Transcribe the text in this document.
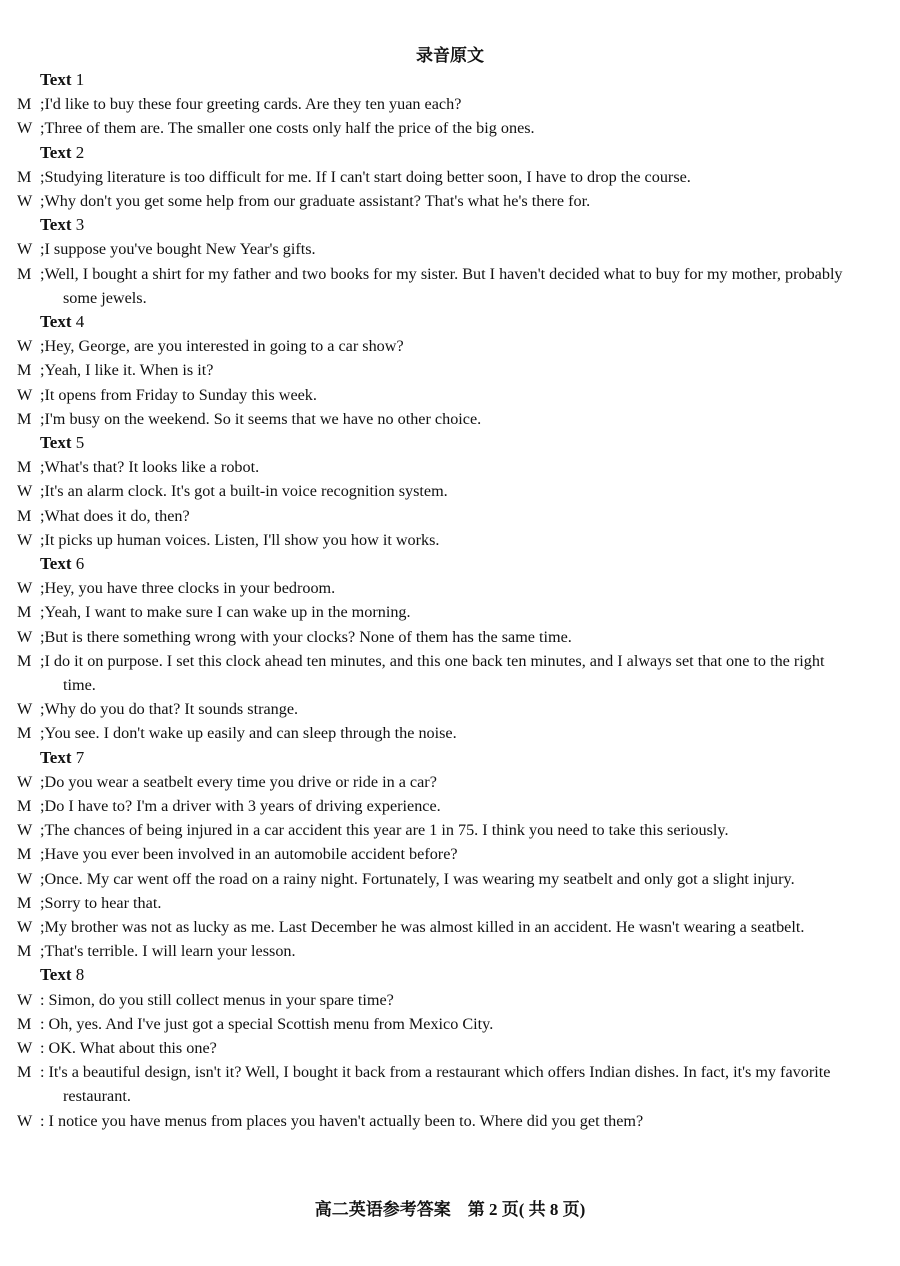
录音原文
Text 1
M ;I'd like to buy these four greeting cards. Are they ten yuan each?
W ;Three of them are. The smaller one costs only half the price of the big ones.
Text 2
M ;Studying literature is too difficult for me. If I can't start doing better soon, I have to drop the course.
W ;Why don't you get some help from our graduate assistant? That's what he's there for.
Text 3
W ;I suppose you've bought New Year's gifts.
M ;Well, I bought a shirt for my father and two books for my sister. But I haven't decided what to buy for my mother, probably some jewels.
Text 4
W ;Hey, George, are you interested in going to a car show?
M ;Yeah, I like it. When is it?
W ;It opens from Friday to Sunday this week.
M ;I'm busy on the weekend. So it seems that we have no other choice.
Text 5
M ;What's that? It looks like a robot.
W ;It's an alarm clock. It's got a built-in voice recognition system.
M ;What does it do, then?
W ;It picks up human voices. Listen, I'll show you how it works.
Text 6
W ;Hey, you have three clocks in your bedroom.
M ;Yeah, I want to make sure I can wake up in the morning.
W ;But is there something wrong with your clocks? None of them has the same time.
M ;I do it on purpose. I set this clock ahead ten minutes, and this one back ten minutes, and I always set that one to the right time.
W ;Why do you do that? It sounds strange.
M ;You see. I don't wake up easily and can sleep through the noise.
Text 7
W ;Do you wear a seatbelt every time you drive or ride in a car?
M ;Do I have to? I'm a driver with 3 years of driving experience.
W ;The chances of being injured in a car accident this year are 1 in 75. I think you need to take this seriously.
M ;Have you ever been involved in an automobile accident before?
W ;Once. My car went off the road on a rainy night. Fortunately, I was wearing my seatbelt and only got a slight injury.
M ;Sorry to hear that.
W ;My brother was not as lucky as me. Last December he was almost killed in an accident. He wasn't wearing a seatbelt.
M ;That's terrible. I will learn your lesson.
Text 8
W : Simon, do you still collect menus in your spare time?
M : Oh, yes. And I've just got a special Scottish menu from Mexico City.
W : OK. What about this one?
M : It's a beautiful design, isn't it? Well, I bought it back from a restaurant which offers Indian dishes. In fact, it's my favorite restaurant.
W : I notice you have menus from places you haven't actually been to. Where did you get them?
高二英语参考答案　第 2 页( 共 8 页)
